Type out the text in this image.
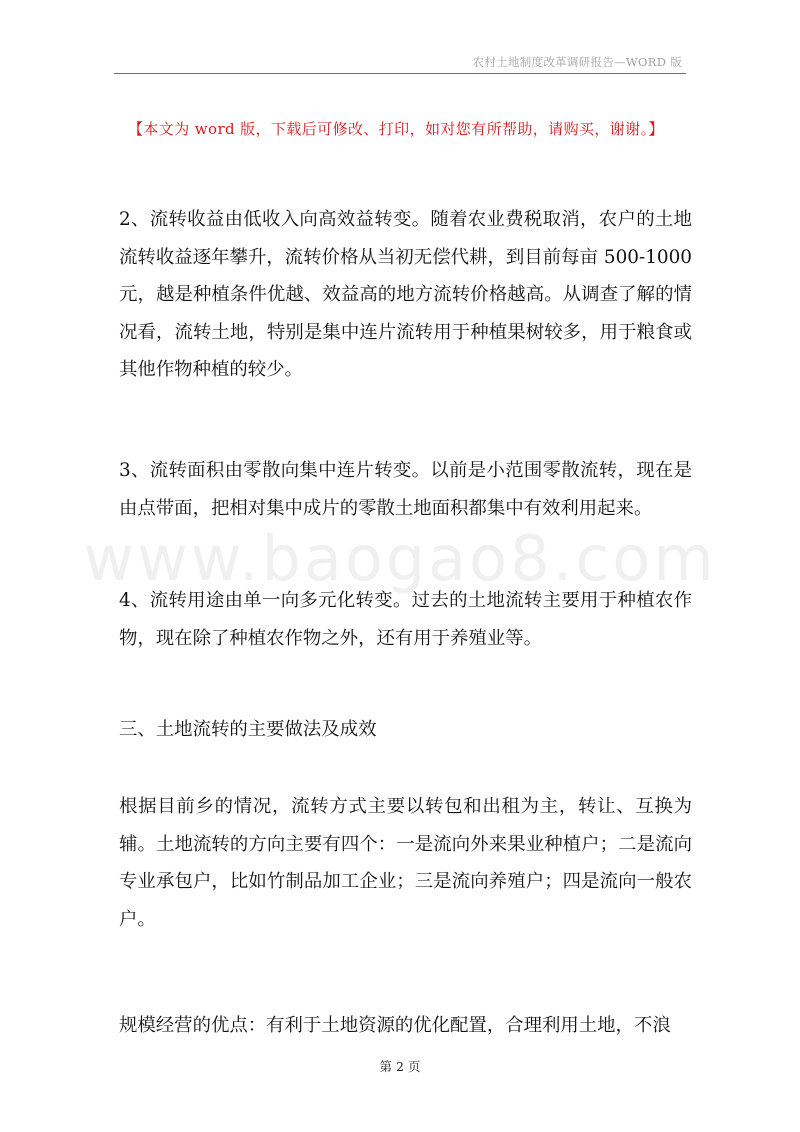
农村土地制度改革调研报告—WORD 版
【本文为 word 版，下载后可修改、打印，如对您有所帮助，请购买，谢谢。】
2、流转收益由低收入向高效益转变。随着农业费税取消，农户的土地流转收益逐年攀升，流转价格从当初无偿代耕，到目前每亩 500-1000 元，越是种植条件优越、效益高的地方流转价格越高。从调查了解的情况看，流转土地，特别是集中连片流转用于种植果树较多，用于粮食或其他作物种植的较少。
3、流转面积由零散向集中连片转变。以前是小范围零散流转，现在是由点带面，把相对集中成片的零散土地面积都集中有效利用起来。
www.baogao8.com
4、流转用途由单一向多元化转变。过去的土地流转主要用于种植农作物，现在除了种植农作物之外，还有用于养殖业等。
三、土地流转的主要做法及成效
根据目前乡的情况，流转方式主要以转包和出租为主，转让、互换为辅。土地流转的方向主要有四个：一是流向外来果业种植户；二是流向专业承包户，比如竹制品加工企业；三是流向养殖户；四是流向一般农户。
规模经营的优点：有利于土地资源的优化配置，合理利用土地，不浪
第 2 页
